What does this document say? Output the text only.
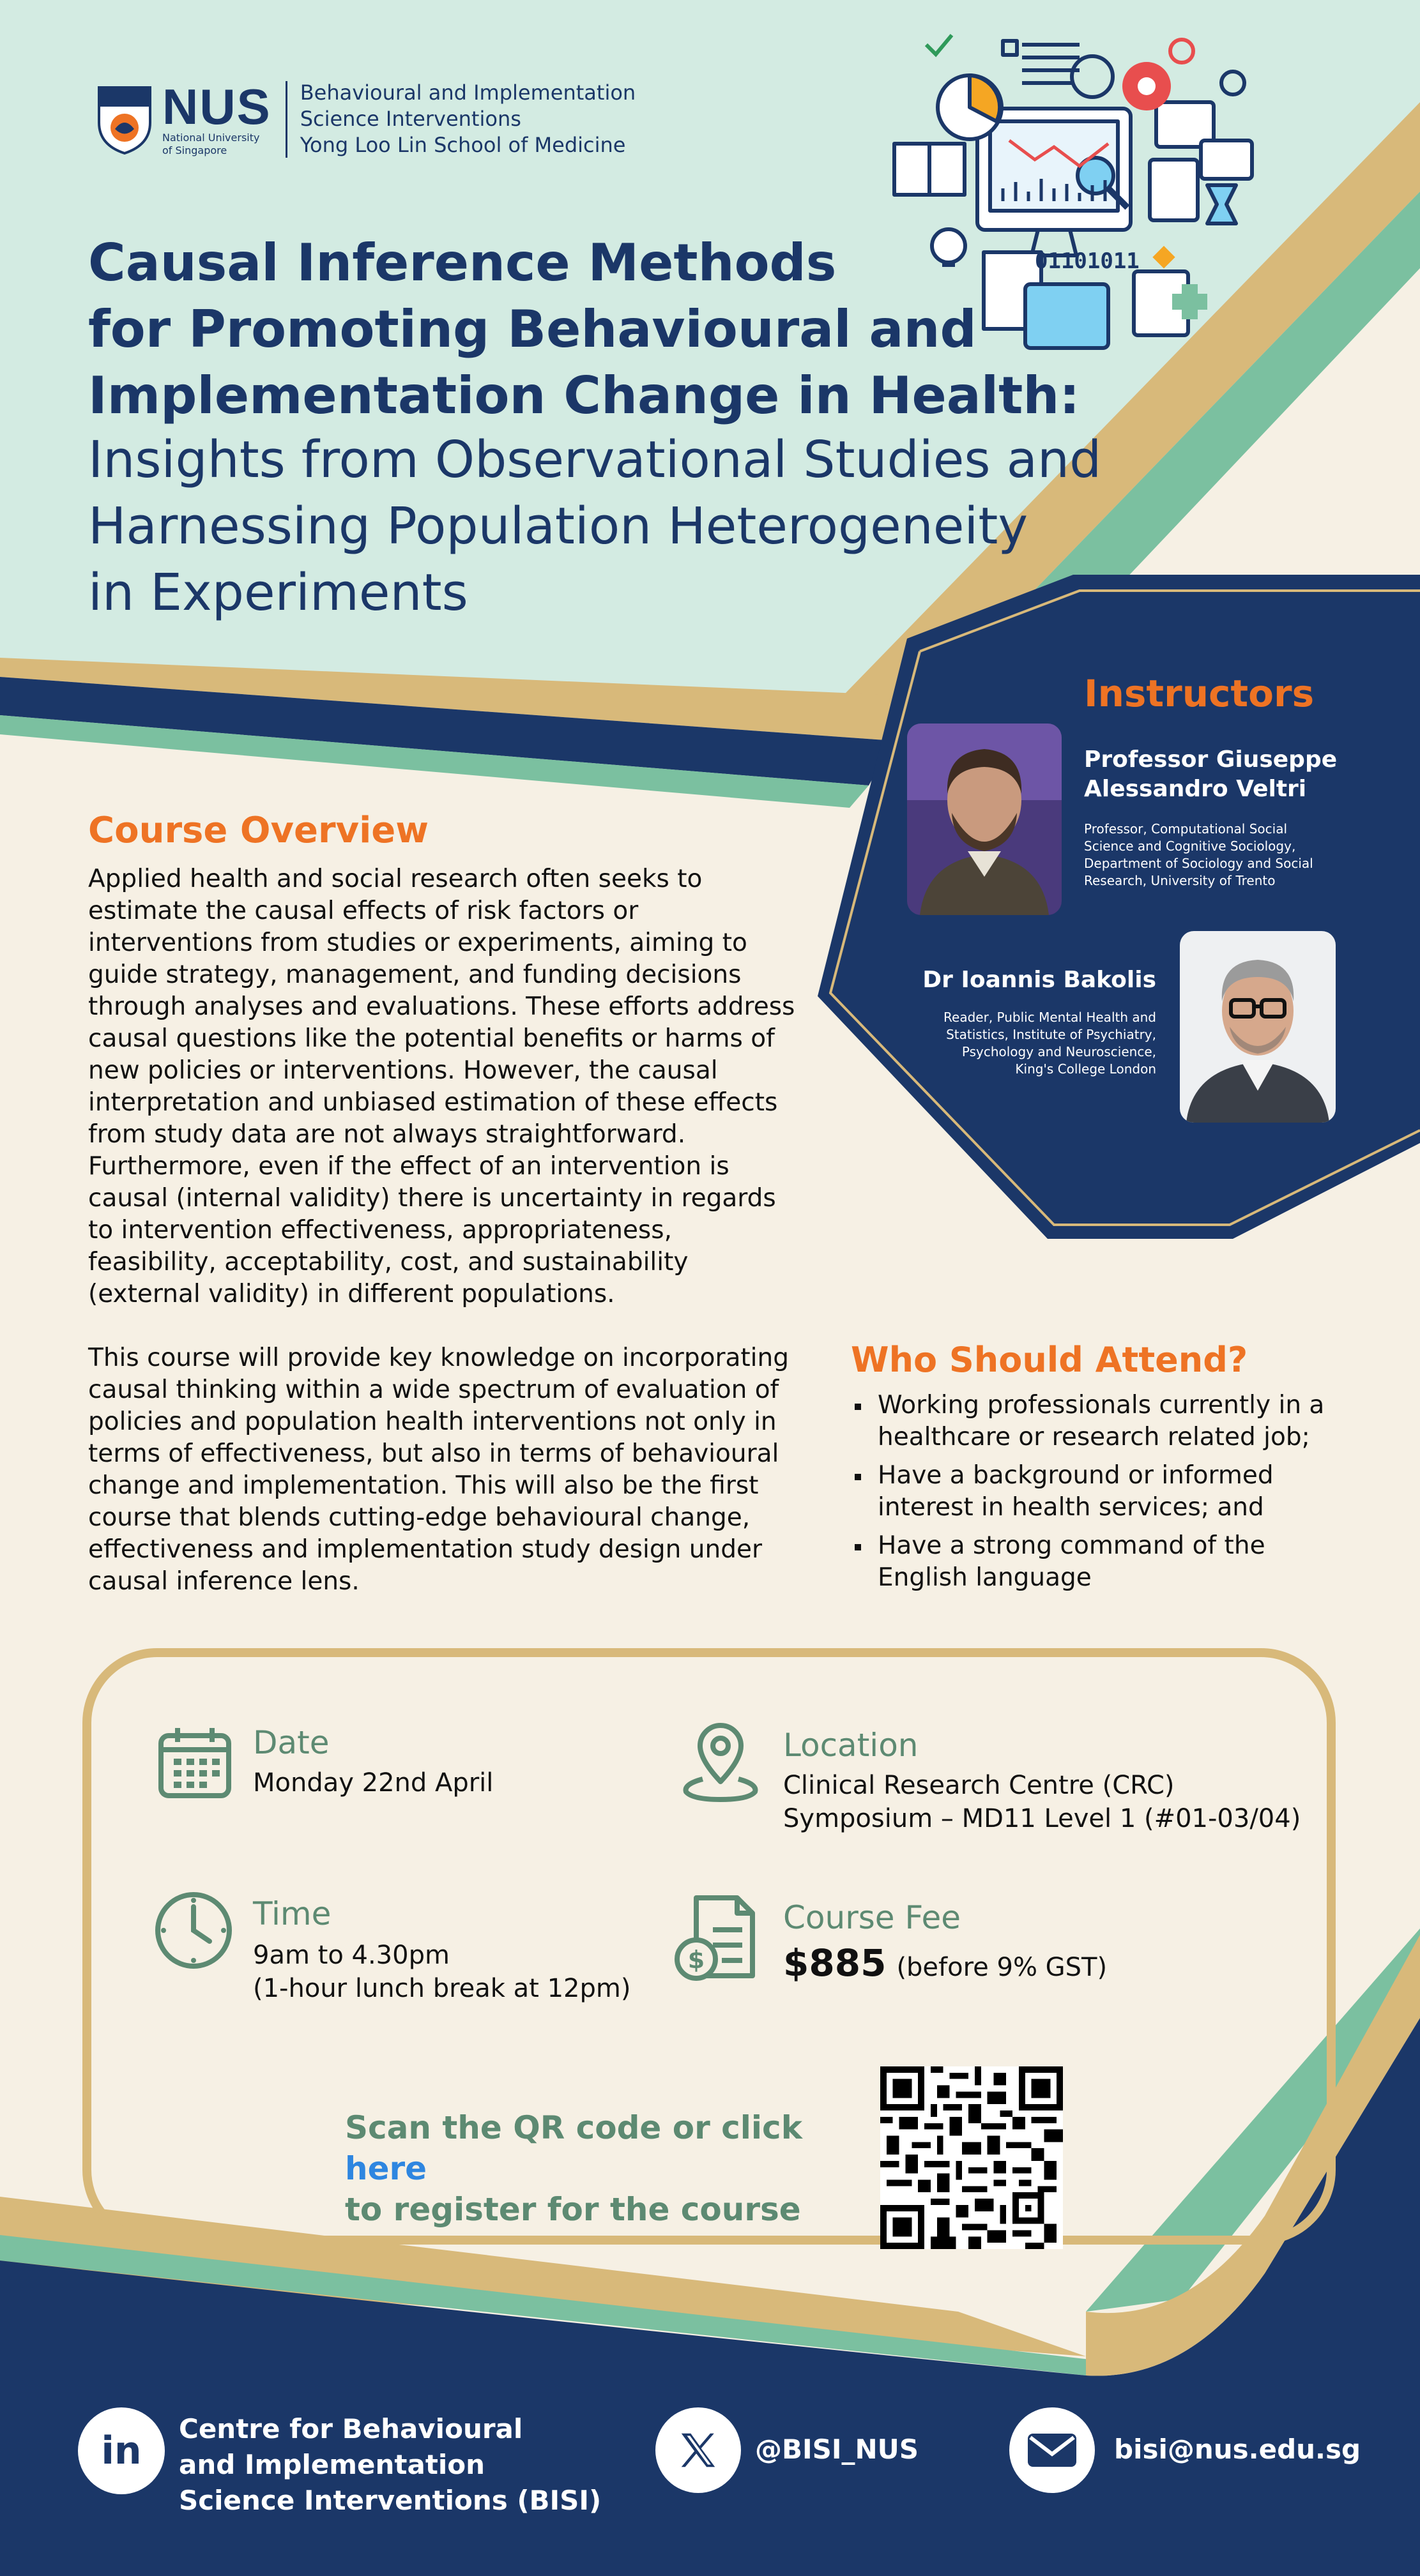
NUS
National University
of Singapore
Behavioural and Implementation
Science Interventions
Yong Loo Lin School of Medicine
01101011
Causal Inference Methods
for Promoting Behavioural and
Implementation Change in Health:
Insights from Observational Studies and
Harnessing Population Heterogeneity
in Experiments
Instructors
Professor Giuseppe
Alessandro Veltri
Professor, Computational Social
Science and Cognitive Sociology,
Department of Sociology and Social
Research, University of Trento
Dr Ioannis Bakolis
Reader, Public Mental Health and
Statistics, Institute of Psychiatry,
Psychology and Neuroscience,
King's College London
Course Overview

Applied health and social research often seeks to estimate the causal effects of risk factors or interventions from studies or experiments, aiming to guide strategy, management, and funding decisions through analyses and evaluations. These efforts address causal questions like the potential benefits or harms of new policies or interventions. However, the causal interpretation and unbiased estimation of these effects from study data are not always straightforward. Furthermore, even if the effect of an intervention is causal (internal validity) there is uncertainty in regards to intervention effectiveness, appropriateness, feasibility, acceptability, cost, and sustainability (external validity) in different populations.

This course will provide key knowledge on incorporating causal thinking within a wide spectrum of evaluation of policies and population health interventions not only in terms of effectiveness, but also in terms of behavioural change and implementation. This will also be the first course that blends cutting-edge behavioural change, effectiveness and implementation study design under causal inference lens.

Who Should Attend?
Working professionals currently in a healthcare or research related job;
Have a background or informed interest in health services; and
Have a strong command of the English language
Date
Monday 22nd April
Location
Clinical Research Centre (CRC)
Symposium – MD11 Level 1 (#01-03/04)
Time
9am to 4.30pm
(1-hour lunch break at 12pm)
$
Course Fee
$885 (before 9% GST)
Scan the QR code or click here
to register for the course
in Centre for Behavioural
and Implementation
Science Interventions (BISI)
@BISI_NUS	bisi@nus.edu.sg
